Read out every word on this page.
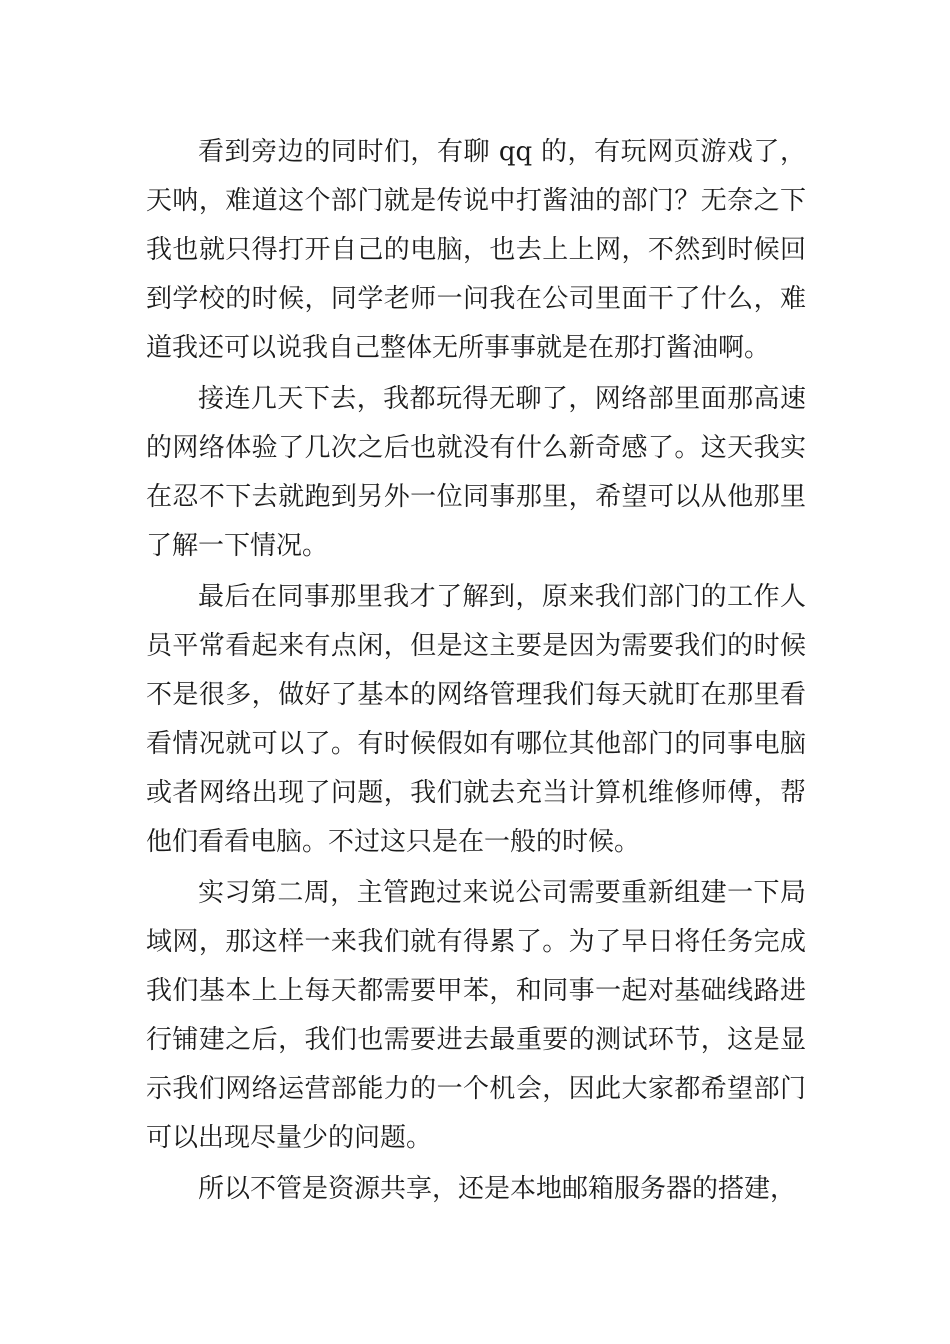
看到旁边的同时们，有聊 qq 的，有玩网页游戏了，天呐，难道这个部门就是传说中打酱油的部门？无奈之下我也就只得打开自己的电脑，也去上上网，不然到时候回到学校的时候，同学老师一问我在公司里面干了什么，难道我还可以说我自己整体无所事事就是在那打酱油啊。

接连几天下去，我都玩得无聊了，网络部里面那高速的网络体验了几次之后也就没有什么新奇感了。这天我实在忍不下去就跑到另外一位同事那里，希望可以从他那里了解一下情况。

最后在同事那里我才了解到，原来我们部门的工作人员平常看起来有点闲，但是这主要是因为需要我们的时候不是很多，做好了基本的网络管理我们每天就盯在那里看看情况就可以了。有时候假如有哪位其他部门的同事电脑或者网络出现了问题，我们就去充当计算机维修师傅，帮他们看看电脑。不过这只是在一般的时候。

实习第二周，主管跑过来说公司需要重新组建一下局域网，那这样一来我们就有得累了。为了早日将任务完成我们基本上上每天都需要甲苯，和同事一起对基础线路进行铺建之后，我们也需要进去最重要的测试环节，这是显示我们网络运营部能力的一个机会，因此大家都希望部门可以出现尽量少的问题。

所以不管是资源共享，还是本地邮箱服务器的搭建，
